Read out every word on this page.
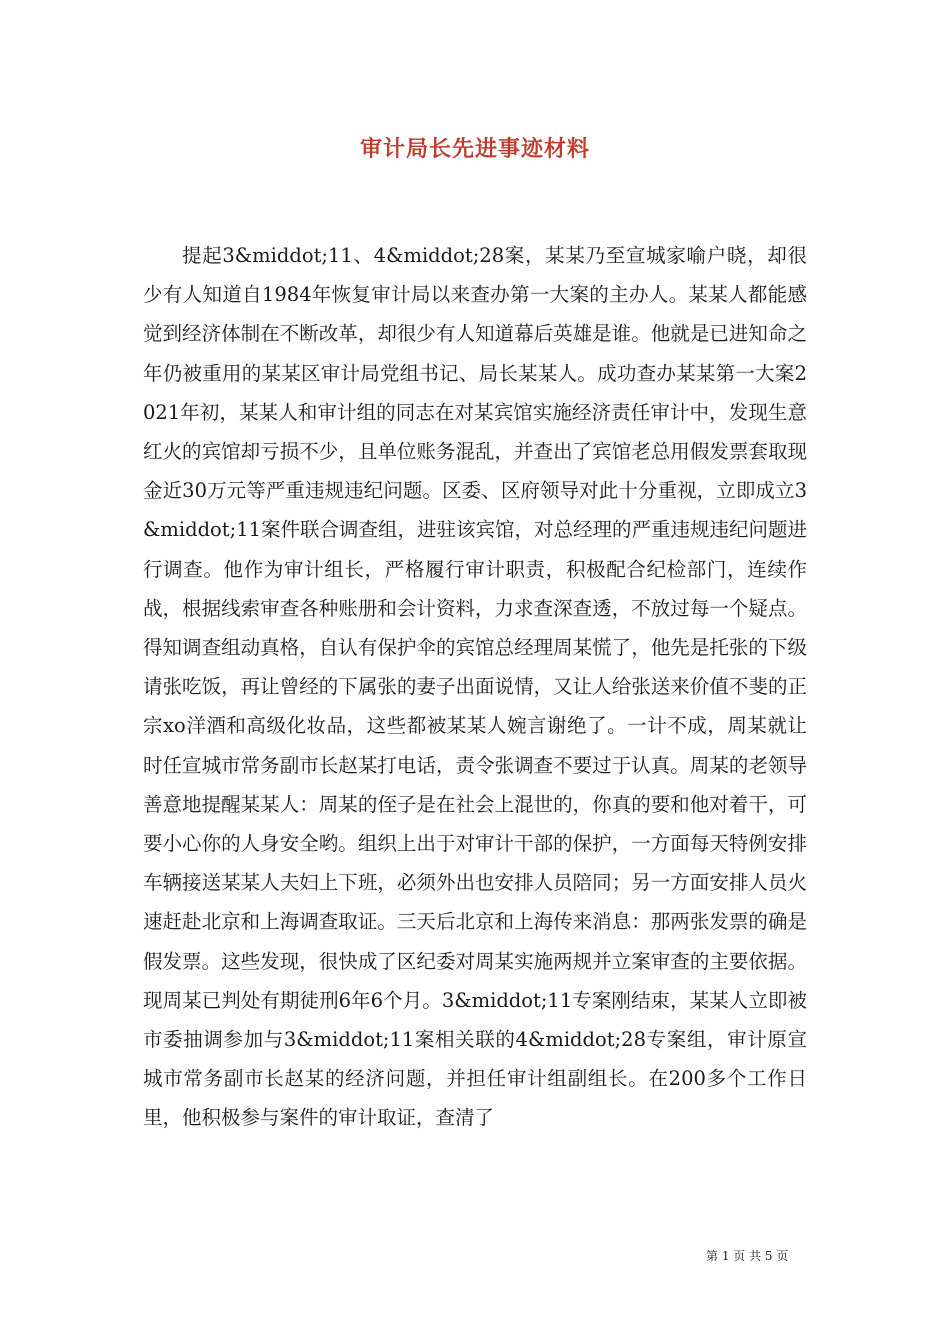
审计局长先进事迹材料
提起3&middot;11、4&middot;28案，某某乃至宣城家喻户晓，却很少有人知道自1984年恢复审计局以来查办第一大案的主办人。某某人都能感觉到经济体制在不断改革，却很少有人知道幕后英雄是谁。他就是已进知命之年仍被重用的某某区审计局党组书记、局长某某人。成功查办某某第一大案2021年初，某某人和审计组的同志在对某宾馆实施经济责任审计中，发现生意红火的宾馆却亏损不少，且单位账务混乱，并查出了宾馆老总用假发票套取现金近30万元等严重违规违纪问题。区委、区府领导对此十分重视，立即成立3&middot;11案件联合调查组，进驻该宾馆，对总经理的严重违规违纪问题进行调查。他作为审计组长，严格履行审计职责，积极配合纪检部门，连续作战，根据线索审查各种账册和会计资料，力求查深查透，不放过每一个疑点。得知调查组动真格，自认有保护伞的宾馆总经理周某慌了，他先是托张的下级请张吃饭，再让曾经的下属张的妻子出面说情，又让人给张送来价值不斐的正宗xo洋酒和高级化妆品，这些都被某某人婉言谢绝了。一计不成，周某就让时任宣城市常务副市长赵某打电话，责令张调查不要过于认真。周某的老领导善意地提醒某某人：周某的侄子是在社会上混世的，你真的要和他对着干，可要小心你的人身安全哟。组织上出于对审计干部的保护，一方面每天特例安排车辆接送某某人夫妇上下班，必须外出也安排人员陪同；另一方面安排人员火速赶赴北京和上海调查取证。三天后北京和上海传来消息：那两张发票的确是假发票。这些发现，很快成了区纪委对周某实施两规并立案审查的主要依据。现周某已判处有期徒刑6年6个月。3&middot;11专案刚结束，某某人立即被市委抽调参加与3&middot;11案相关联的4&middot;28专案组，审计原宣城市常务副市长赵某的经济问题，并担任审计组副组长。在200多个工作日里，他积极参与案件的审计取证，查清了
第 1 页 共 5 页
